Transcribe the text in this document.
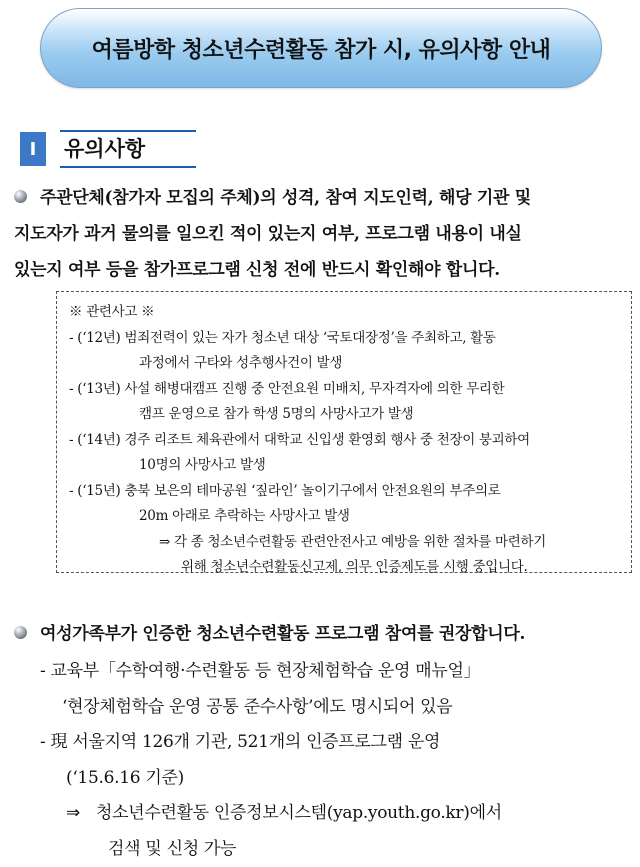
여름방학 청소년수련활동 참가 시, 유의사항 안내
Ⅰ	유의사항
주관단체(참가자 모집의 주체)의 성격, 참여 지도인력, 해당 기관 및
지도자가 과거 물의를 일으킨 적이 있는지 여부, 프로그램 내용이 내실
있는지 여부 등을 참가프로그램 신청 전에 반드시 확인해야 합니다.
※ 관련사고 ※
- (‘12년) 범죄전력이 있는 자가 청소년 대상 ‘국토대장정’을 주최하고, 활동
과정에서 구타와 성추행사건이 발생
- (‘13년) 사설 해병대캠프 진행 중 안전요원 미배치, 무자격자에 의한 무리한
캠프 운영으로 참가 학생 5명의 사망사고가 발생
- (‘14년) 경주 리조트 체육관에서 대학교 신입생 환영회 행사 중 천장이 붕괴하여
10명의 사망사고 발생
- (‘15년) 충북 보은의 테마공원 ‘짚라인’ 놀이기구에서 안전요원의 부주의로
20m 아래로 추락하는 사망사고 발생
⇒ 각 종 청소년수련활동 관련안전사고 예방을 위한 절차를 마련하기
위해 청소년수련활동신고제, 의무 인증제도를 시행 중입니다.
여성가족부가 인증한 청소년수련활동 프로그램 참여를 권장합니다.
- 교육부「수학여행·수련활동 등 현장체험학습 운영 매뉴얼」
‘현장체험학습 운영 공통 준수사항’에도 명시되어 있음
- 現 서울지역 126개 기관, 521개의 인증프로그램 운영
(‘15.6.16 기준)
⇒ 청소년수련활동 인증정보시스템(yap.youth.go.kr)에서
검색 및 신청 가능
